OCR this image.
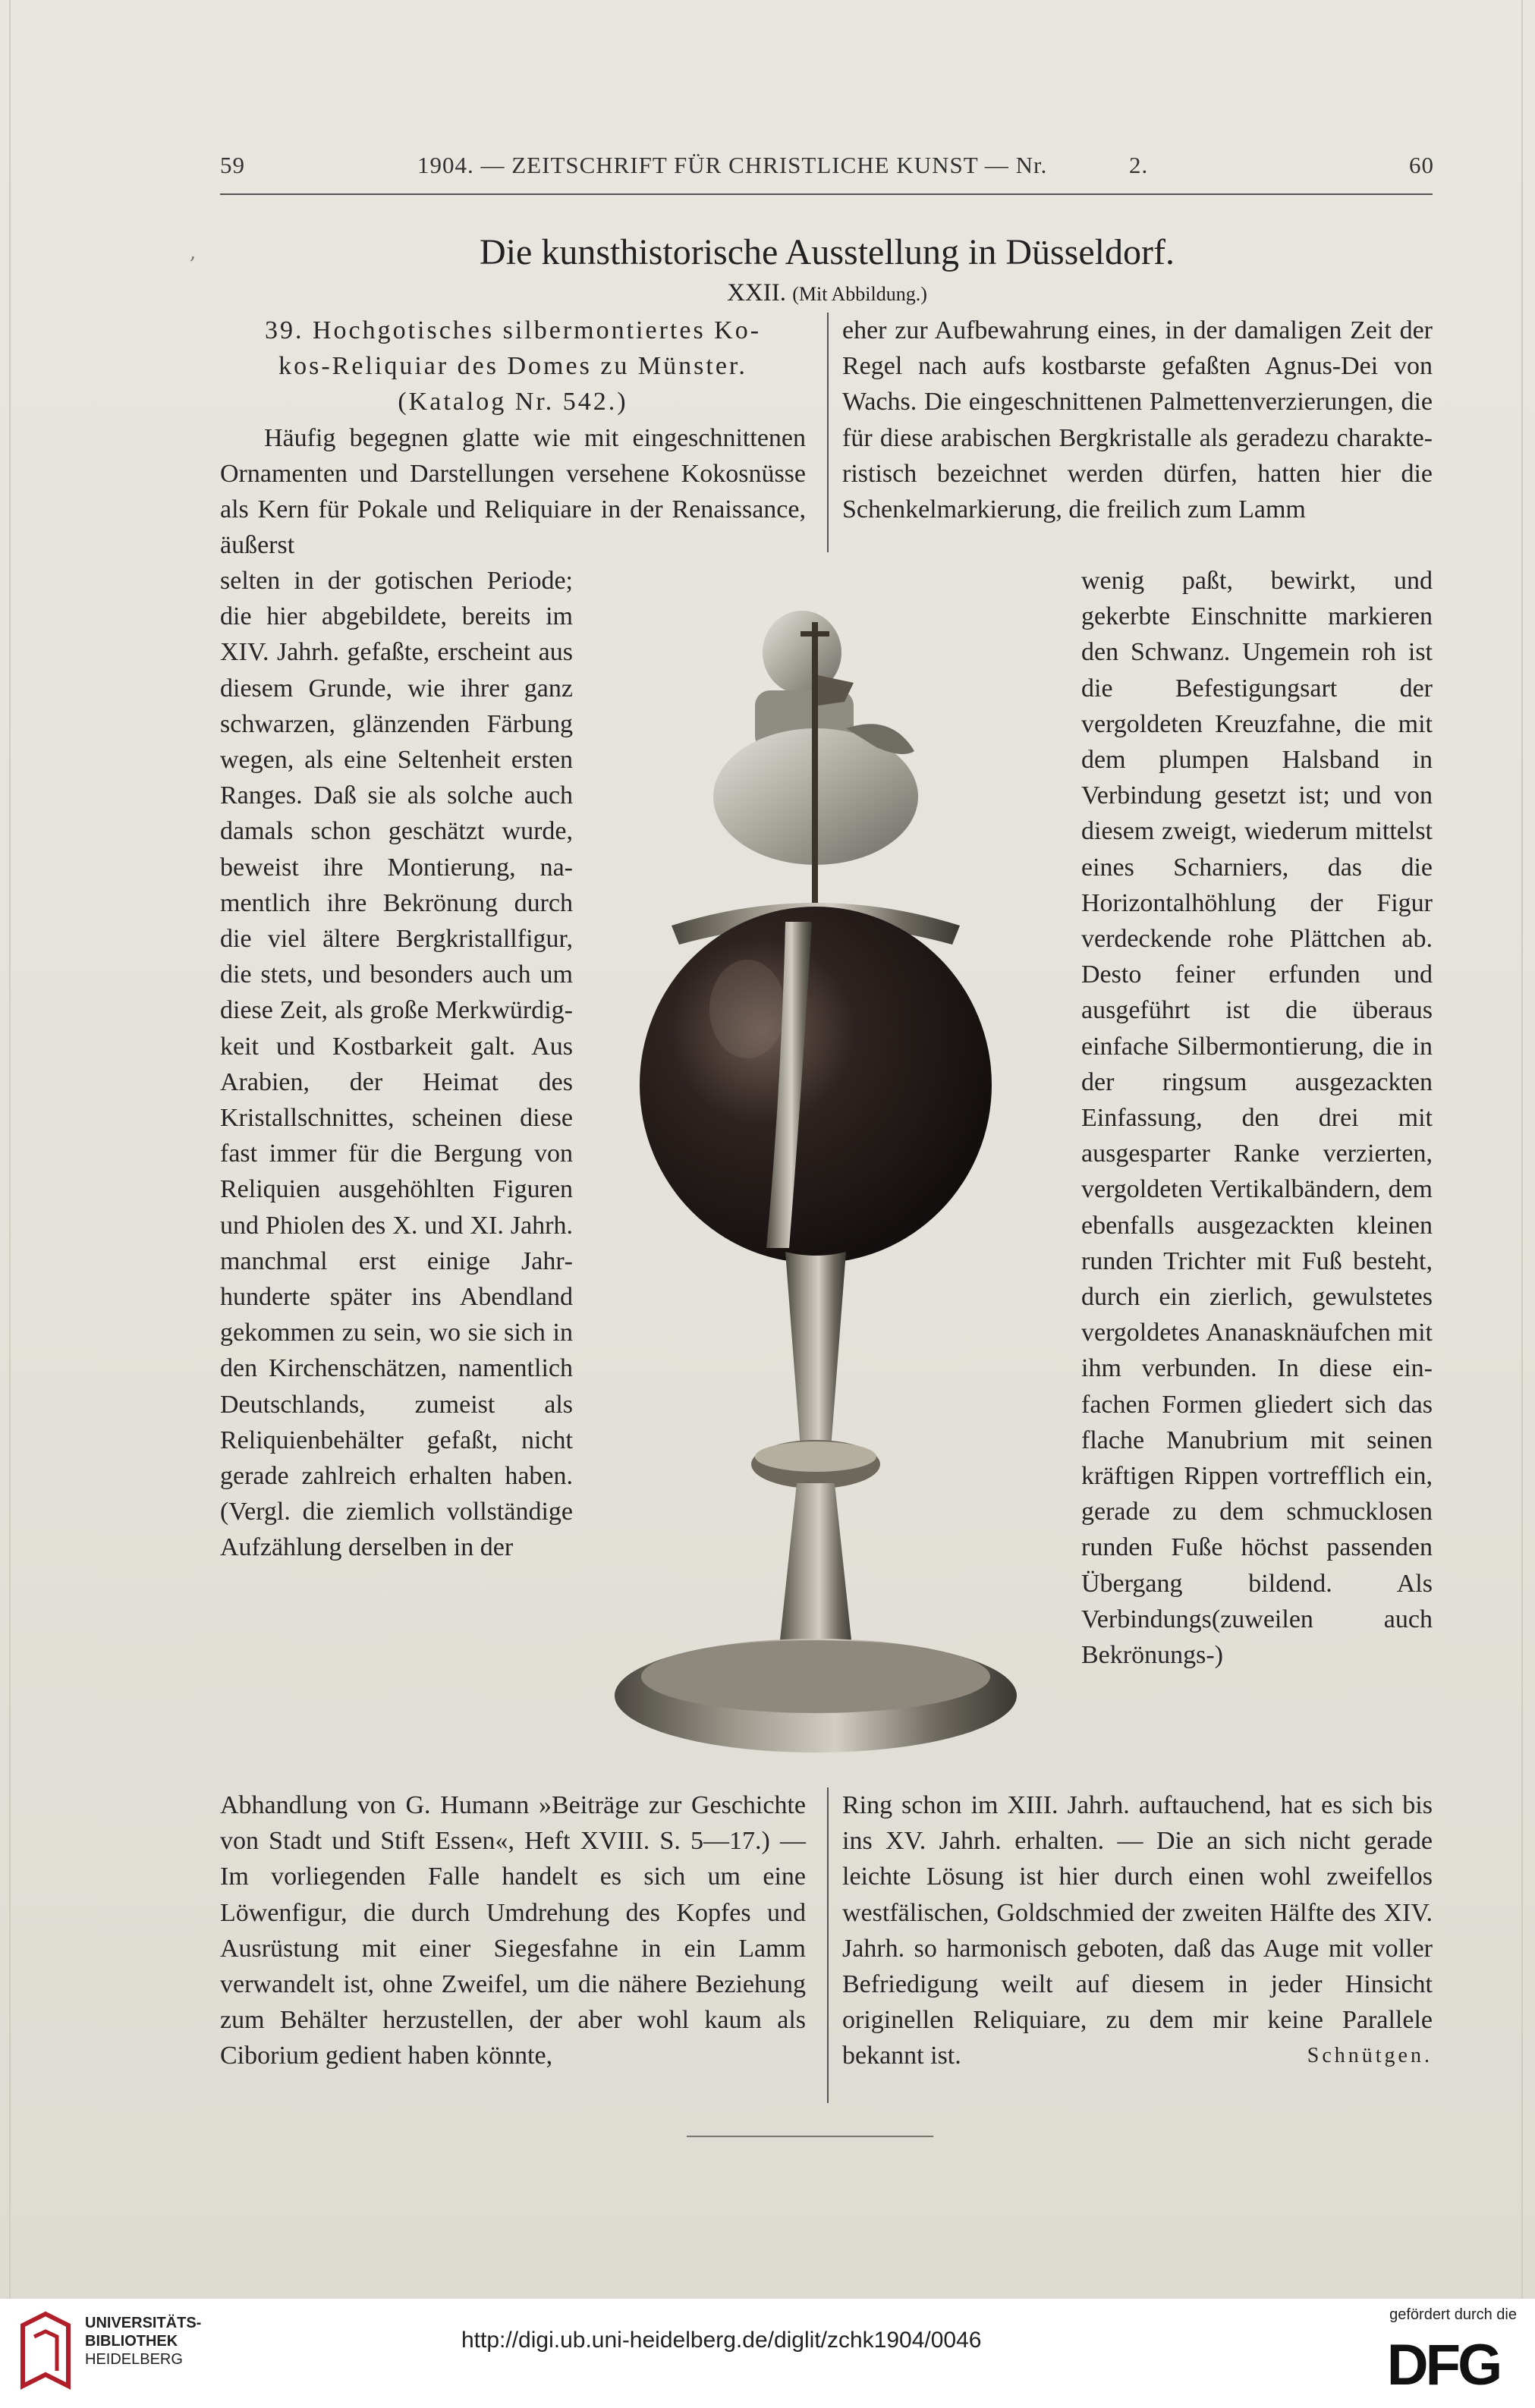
,
59	1904. — ZEITSCHRIFT FÜR CHRISTLICHE KUNST — Nr.	2.	60
Die kunsthistorische Ausstellung in Düsseldorf.
XXII. (Mit Abbildung.)

39. Hochgotisches silbermontiertes Ko-

kos-Reliquiar des Domes zu Münster.

(Katalog Nr. 542.)

Häufig begegnen glatte wie mit eingeschnittenen Ornamenten und Darstellungen versehene Kokosnüsse als Kern für Pokale und Reliquiare in der Renaissance, äußerst

selten in der gotischen Periode; die hier abgebildete, bereits im XIV. Jahrh. gefaßte, erscheint aus diesem Grunde, wie ihrer ganz schwarzen, glänzenden Färbung wegen, als eine Seltenheit ersten Ranges. Daß sie als solche auch damals schon geschätzt wurde, beweist ihre Montierung, namentlich ihre Bekrönung durch die viel ältere Bergkristallfigur, die stets, und besonders auch um diese Zeit, als große Merkwürdigkeit und Kostbarkeit galt. Aus Arabien, der Heimat des Kristallschnittes, scheinen diese fast immer für die Bergung von Reliquien ausgehöhlten Figuren und Phiolen des X. und XI. Jahrh. manchmal erst einige Jahrhunderte später ins Abendland gekommen zu sein, wo sie sich in den Kirchenschätzen, namentlich Deutschlands, zumeist als Reliquienbehälter gefaßt, nicht gerade zahlreich erhalten haben. (Vergl. die ziemlich vollständige Aufzählung derselben in der

Abhandlung von G. Humann »Beiträge zur Geschichte von Stadt und Stift Essen«, Heft XVIII. S. 5—17.) — Im vorliegenden Falle handelt es sich um eine Löwenfigur, die durch Umdrehung des Kopfes und Ausrüstung mit einer Siegesfahne in ein Lamm verwandelt ist, ohne Zweifel, um die nähere Beziehung zum Behälter herzustellen, der aber wohl kaum als Ciborium gedient haben könnte,

eher zur Aufbewahrung eines, in der damaligen Zeit der Regel nach aufs kostbarste gefaßten Agnus-Dei von Wachs. Die eingeschnittenen Palmettenverzierungen, die für diese arabischen Bergkristalle als geradezu charakteristisch bezeichnet werden dürfen, hatten hier die Schenkelmarkierung, die freilich zum Lamm

wenig paßt, bewirkt, und gekerbte Einschnitte markieren den Schwanz. Ungemein roh ist die Befestigungsart der vergoldeten Kreuzfahne, die mit dem plumpen Halsband in Verbindung gesetzt ist; und von diesem zweigt, wiederum mittelst eines Scharniers, das die Horizontalhöhlung der Figur verdeckende rohe Plättchen ab. Desto feiner erfunden und ausgeführt ist die überaus einfache Silbermontierung, die in der ringsum ausgezackten Einfassung, den drei mit ausgesparter Ranke verzierten, vergoldeten Vertikalbändern, dem ebenfalls ausgezackten kleinen runden Trichter mit Fuß besteht, durch ein zierlich, gewulstetes vergoldetes Ananasknäufchen mit ihm verbunden. In diese einfachen Formen gliedert sich das flache Manubrium mit seinen kräftigen Rippen vortrefflich ein, gerade zu dem schmucklosen runden Fuße höchst passenden Übergang bildend. Als Verbindungs(zuweilen auch Bekrönungs-)

Ring schon im XIII. Jahrh. auftauchend, hat es sich bis ins XV. Jahrh. erhalten. — Die an sich nicht gerade leichte Lösung ist hier durch einen wohl zweifellos westfälischen, Goldschmied der zweiten Hälfte des XIV. Jahrh. so harmonisch geboten, daß das Auge mit voller Befriedigung weilt auf diesem in jeder Hinsicht originellen Reliquiare, zu dem mir keine Parallele bekannt ist.	Schnütgen.

UNIVERSITÄTS-
BIBLIOTHEK
HEIDELBERG
http://digi.ub.uni-heidelberg.de/diglit/zchk1904/0046
gefördert durch die
DFG
